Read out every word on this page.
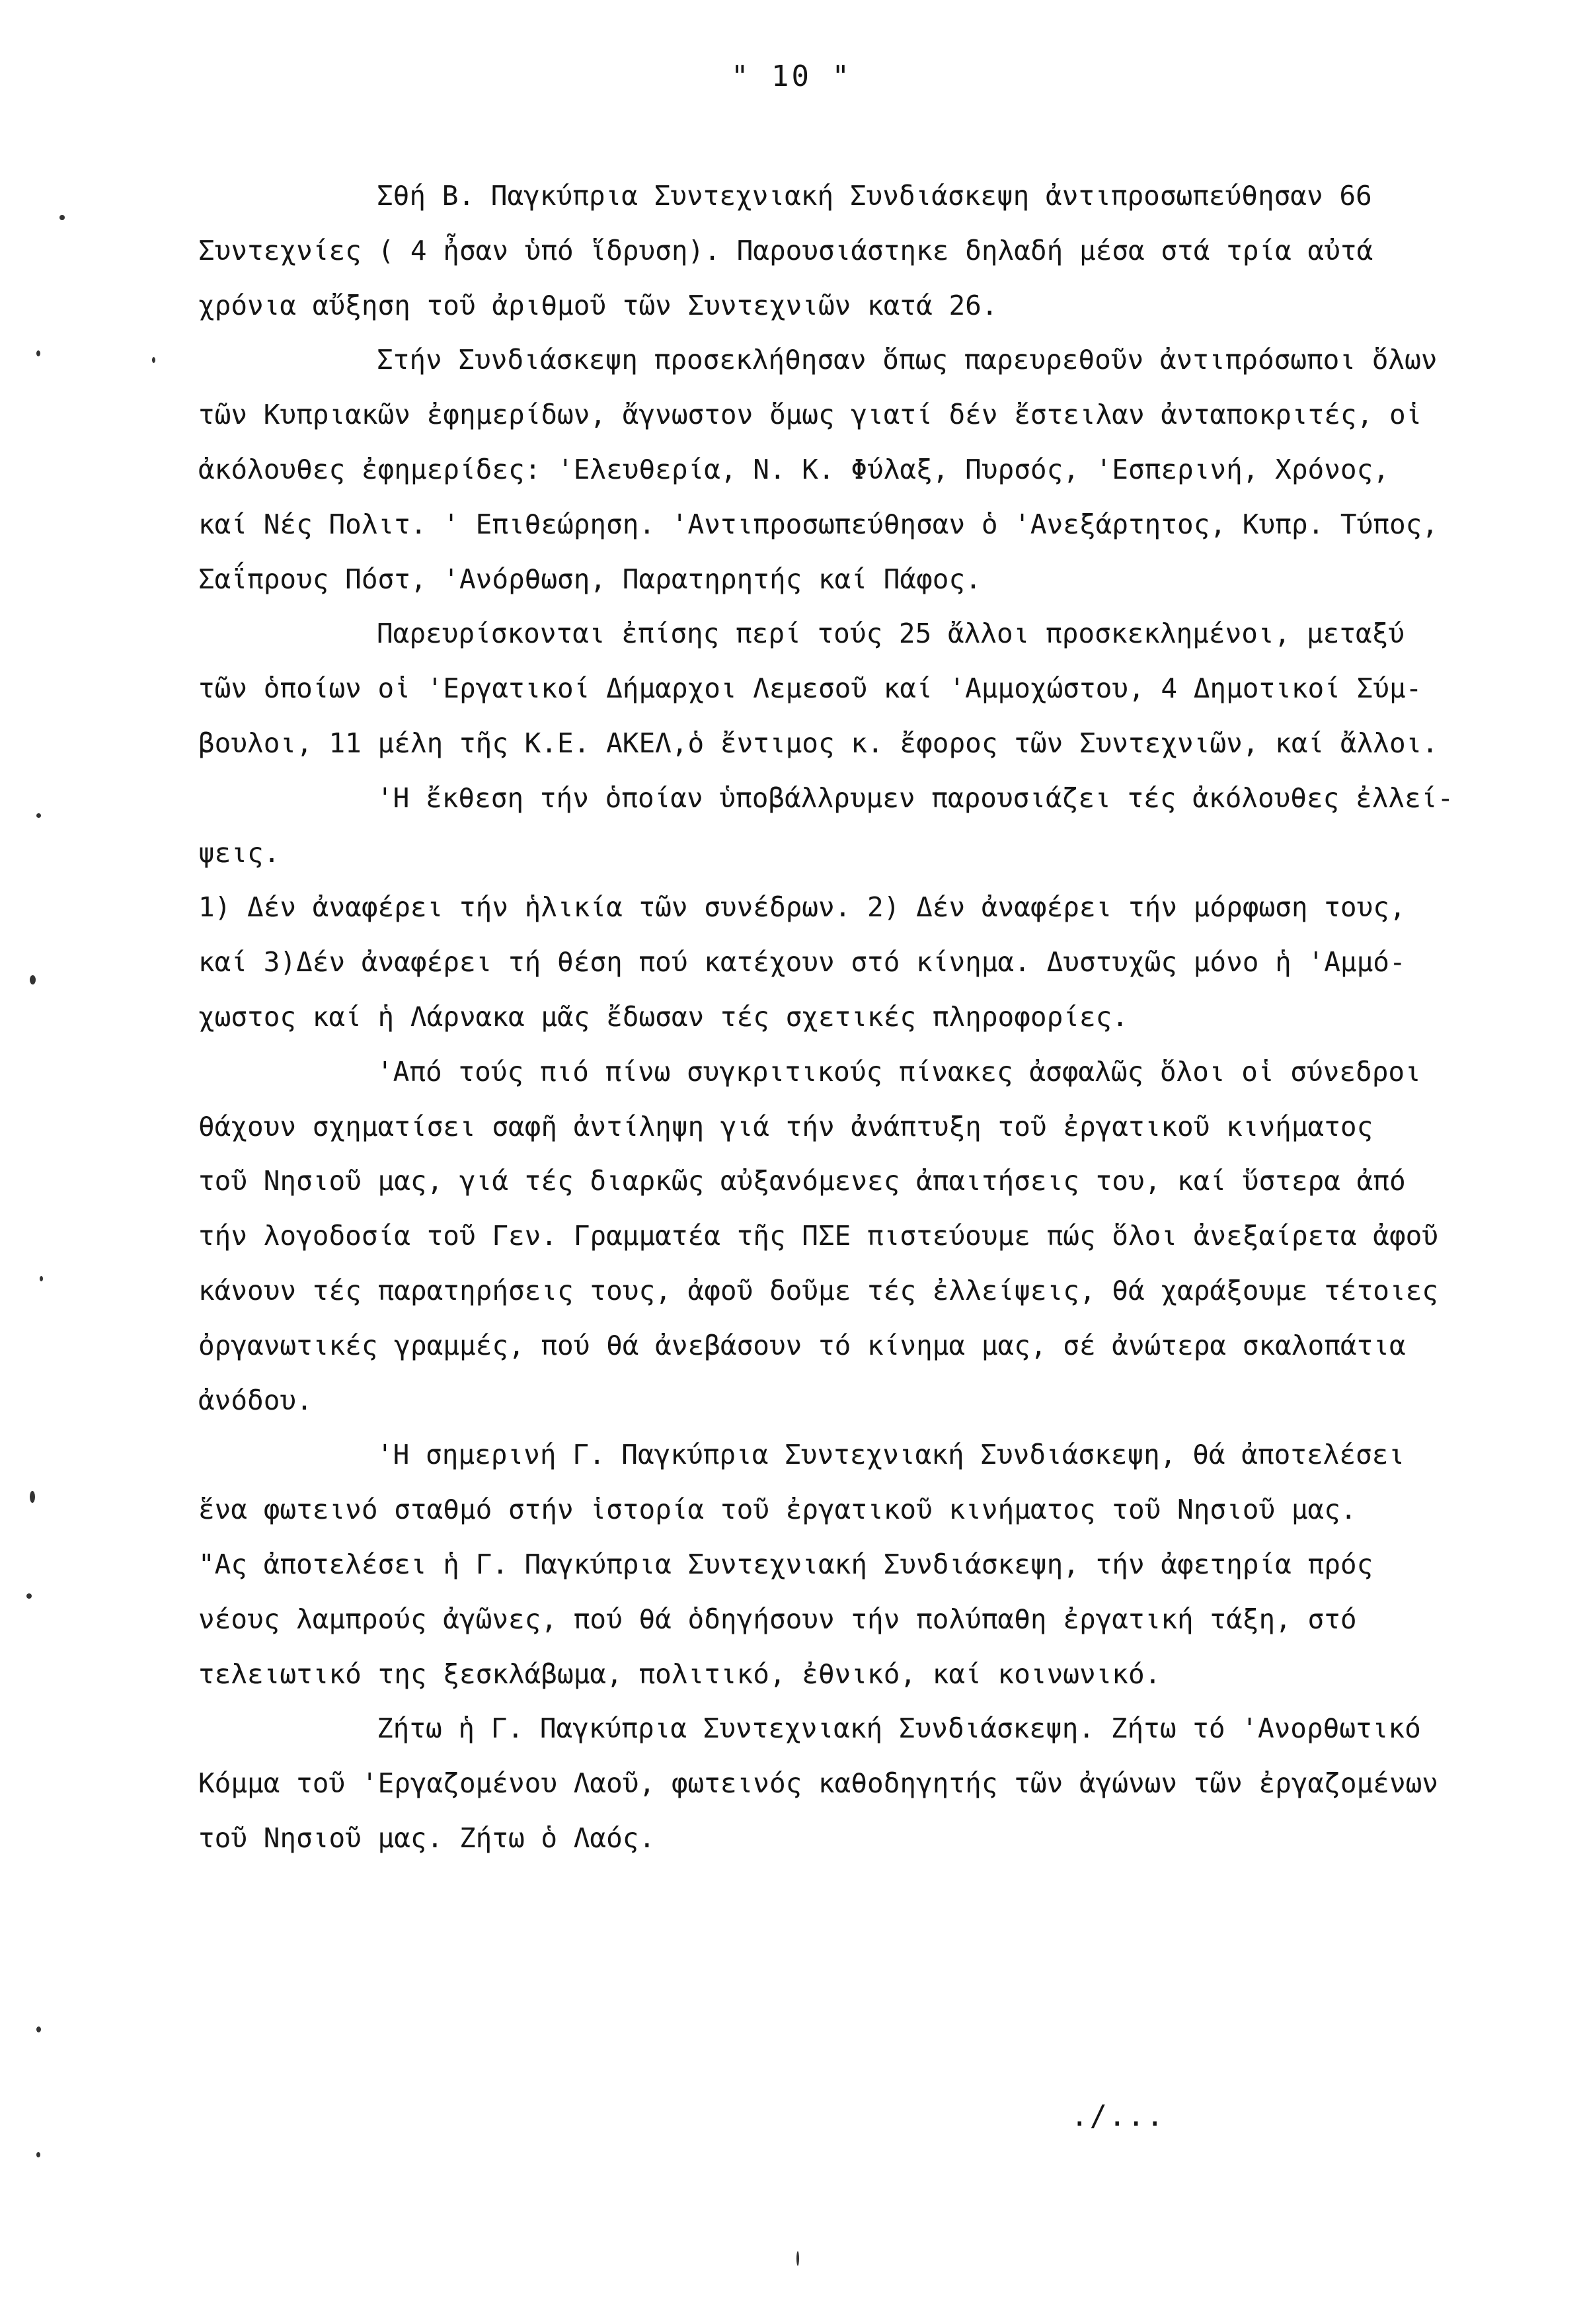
" 10 "
Σθή Β. Παγκύπρια Συντεχνιακή Συνδιάσκεψη ἀντιπροσωπεύθησαν 66
Συντεχνίες ( 4 ἦσαν ὑπό ἵδρυση). Παρουσιάστηκε δηλαδή μέσα στά τρία αὐτά
χρόνια αὔξηση τοῦ ἀριθμοῦ τῶν Συντεχνιῶν κατά 26.
Στήν Συνδιάσκεψη προσεκλήθησαν ὅπως παρευρεθοῦν ἀντιπρόσωποι ὅλων
τῶν Κυπριακῶν ἐφημερίδων, ἄγνωστον ὅμως γιατί δέν ἔστειλαν ἀνταποκριτές, οἱ
ἀκόλουθες ἐφημερίδες: 'Ελευθερία, Ν. Κ. Φύλαξ, Πυρσός, 'Εσπερινή, Χρόνος,
καί Νές Πολιτ. ' Επιθεώρηση. 'Αντιπροσωπεύθησαν ὁ 'Ανεξάρτητος, Κυπρ. Τύπος,
Σαΐπρους Πόστ, 'Ανόρθωση, Παρατηρητής καί Πάφος.
Παρευρίσκονται ἐπίσης περί τούς 25 ἄλλοι προσκεκλημένοι, μεταξύ
τῶν ὁποίων οἱ 'Εργατικοί Δήμαρχοι Λεμεσοῦ καί 'Αμμοχώστου, 4 Δημοτικοί Σύμ-
βουλοι, 11 μέλη τῆς Κ.Ε. ΑΚΕΛ,ὁ ἔντιμος κ. ἔφορος τῶν Συντεχνιῶν, καί ἄλλοι.
'Η ἔκθεση τήν ὁποίαν ὑποβάλλρυμεν παρουσιάζει τές ἀκόλουθες ἐλλεί-
ψεις.
1) Δέν ἀναφέρει τήν ἡλικία τῶν συνέδρων. 2) Δέν ἀναφέρει τήν μόρφωση τους,
καί 3)Δέν ἀναφέρει τή θέση πού κατέχουν στό κίνημα. Δυστυχῶς μόνο ἡ 'Αμμό-
χωστος καί ἡ Λάρνακα μᾶς ἔδωσαν τές σχετικές πληροφορίες.
'Από τούς πιό πίνω συγκριτικούς πίνακες ἀσφαλῶς ὅλοι οἱ σύνεδροι
θάχουν σχηματίσει σαφῆ ἀντίληψη γιά τήν ἀνάπτυξη τοῦ ἐργατικοῦ κινήματος
τοῦ Νησιοῦ μας, γιά τές διαρκῶς αὐξανόμενες ἀπαιτήσεις του, καί ὕστερα ἀπό
τήν λογοδοσία τοῦ Γεν. Γραμματέα τῆς ΠΣΕ πιστεύουμε πώς ὅλοι ἀνεξαίρετα ἀφοῦ
κάνουν τές παρατηρήσεις τους, ἀφοῦ δοῦμε τές ἐλλείψεις, θά χαράξουμε τέτοιες
ὀργανωτικές γραμμές, πού θά ἀνεβάσουν τό κίνημα μας, σέ ἀνώτερα σκαλοπάτια
ἀνόδου.
'Η σημερινή Γ. Παγκύπρια Συντεχνιακή Συνδιάσκεψη, θά ἀποτελέσει
ἕνα φωτεινό σταθμό στήν ἱστορία τοῦ ἐργατικοῦ κινήματος τοῦ Νησιοῦ μας.
"Ας ἀποτελέσει ἡ Γ. Παγκύπρια Συντεχνιακή Συνδιάσκεψη, τήν ἀφετηρία πρός
νέους λαμπρούς ἀγῶνες, πού θά ὁδηγήσουν τήν πολύπαθη ἐργατική τάξη, στό
τελειωτικό της ξεσκλάβωμα, πολιτικό, ἐθνικό, καί κοινωνικό.
Ζήτω ἡ Γ. Παγκύπρια Συντεχνιακή Συνδιάσκεψη. Ζήτω τό 'Ανορθωτικό
Κόμμα τοῦ 'Εργαζομένου Λαοῦ, φωτεινός καθοδηγητής τῶν ἀγώνων τῶν ἐργαζομένων
τοῦ Νησιοῦ μας. Ζήτω ὁ Λαός.
./...
